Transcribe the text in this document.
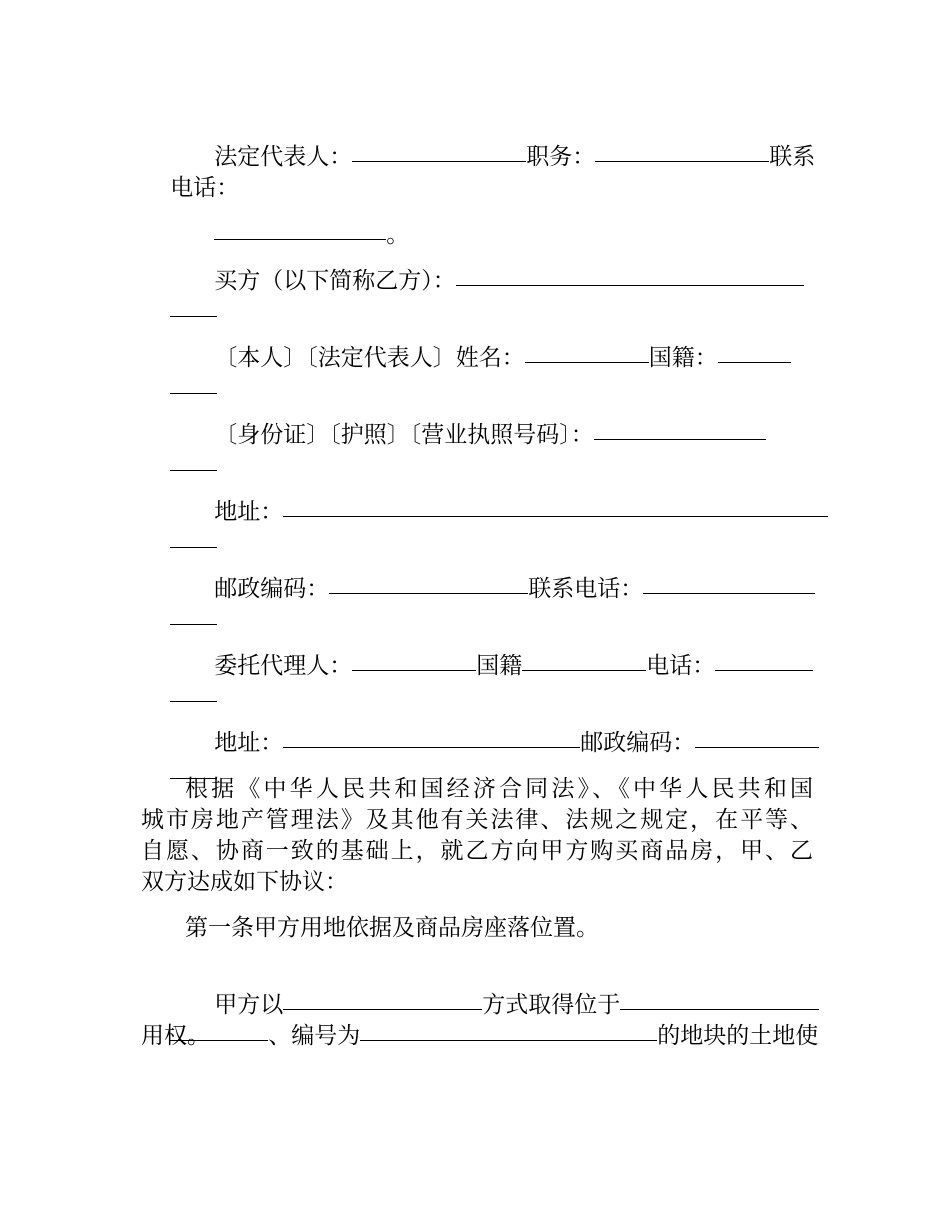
法定代表人：	职务：	联系

电话：

。

买方（以下简称乙方）：

〔本人〕〔法定代表人〕姓名：	国籍：

〔身份证〕〔护照〕〔营业执照号码〕：

地址：

邮政编码：	联系电话：

委托代理人：	国籍	电话：

地址：	邮政编码：

根据《中华人民共和国经济合同法》、《中华人民共和国
城市房地产管理法》及其他有关法律、法规之规定，在平等、
自愿、协商一致的基础上，就乙方向甲方购买商品房，甲、乙
双方达成如下协议：
第一条甲方用地依据及商品房座落位置。

甲方以	方式取得位于

、编号为	的地块的土地使

用权。
